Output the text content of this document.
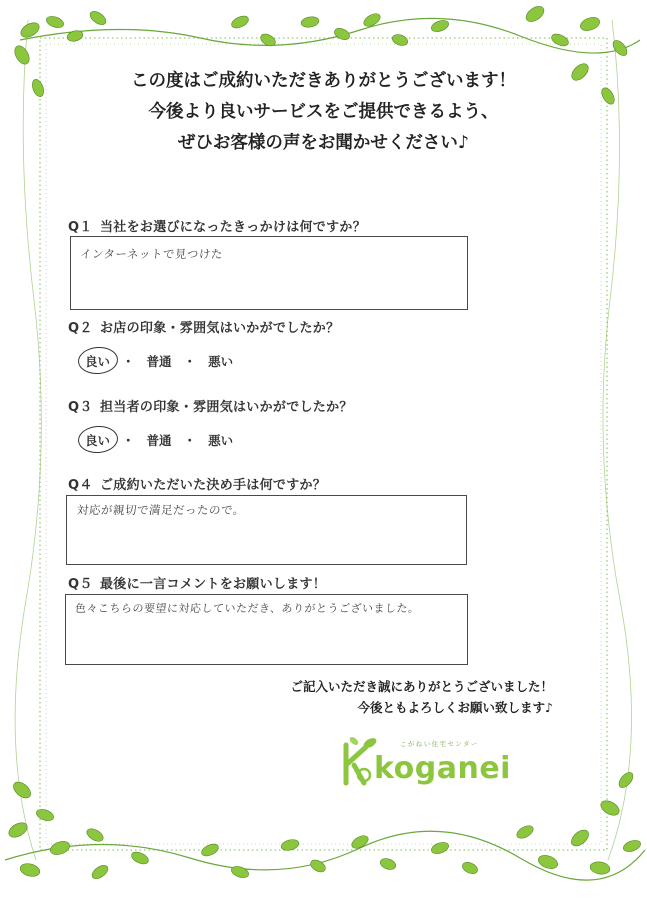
この度はご成約いただきありがとうございます！
今後より良いサービスをご提供できるよう、
ぜひお客様の声をお聞かせください♪
Q１ 当社をお選びになったきっかけは何ですか？
インターネットで見つけた
Q２ お店の印象・雰囲気はいかがでしたか？
良い ・ 普通 ・ 悪い
Q３ 担当者の印象・雰囲気はいかがでしたか？
良い ・ 普通 ・ 悪い
Q４ ご成約いただいた決め手は何ですか？
対応が親切で満足だったので。
Q５ 最後に一言コメントをお願いします！
色々こちらの要望に対応していただき、ありがとうございました。
ご記入いただき誠にありがとうございました！
今後ともよろしくお願い致します♪
こがねい住宅センター
koganei
